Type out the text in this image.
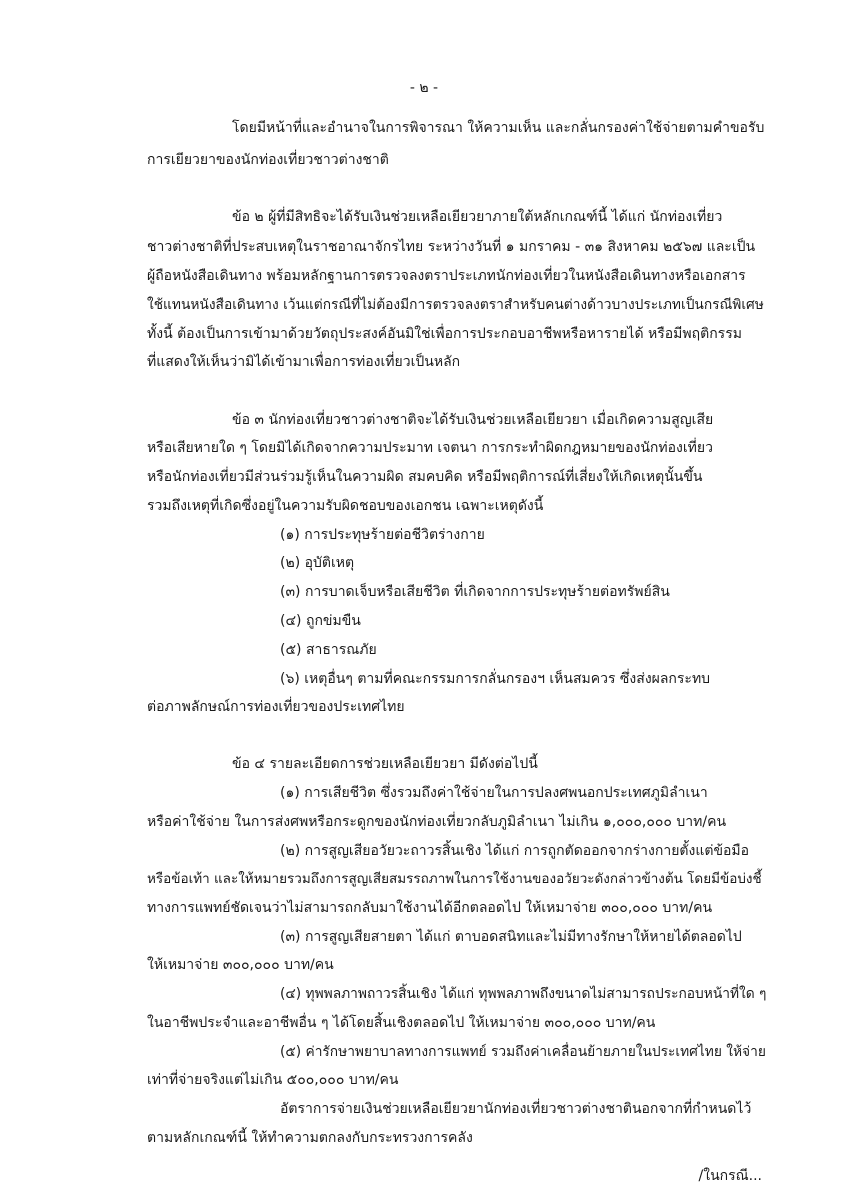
- ๒ -
โดยมีหน้าที่และอำนาจในการพิจารณา ให้ความเห็น และกลั่นกรองค่าใช้จ่ายตามคำขอรับ
การเยียวยาของนักท่องเที่ยวชาวต่างชาติ
ข้อ ๒ ผู้ที่มีสิทธิจะได้รับเงินช่วยเหลือเยียวยาภายใต้หลักเกณฑ์นี้ ได้แก่ นักท่องเที่ยว
ชาวต่างชาติที่ประสบเหตุในราชอาณาจักรไทย ระหว่างวันที่ ๑ มกราคม - ๓๑ สิงหาคม ๒๕๖๗ และเป็น
ผู้ถือหนังสือเดินทาง พร้อมหลักฐานการตรวจลงตราประเภทนักท่องเที่ยวในหนังสือเดินทางหรือเอกสาร
ใช้แทนหนังสือเดินทาง เว้นแต่กรณีที่ไม่ต้องมีการตรวจลงตราสำหรับคนต่างด้าวบางประเภทเป็นกรณีพิเศษ
ทั้งนี้ ต้องเป็นการเข้ามาด้วยวัตถุประสงค์อันมิใช่เพื่อการประกอบอาชีพหรือหารายได้ หรือมีพฤติกรรม
ที่แสดงให้เห็นว่ามิได้เข้ามาเพื่อการท่องเที่ยวเป็นหลัก
ข้อ ๓ นักท่องเที่ยวชาวต่างชาติจะได้รับเงินช่วยเหลือเยียวยา เมื่อเกิดความสูญเสีย
หรือเสียหายใด ๆ โดยมิได้เกิดจากความประมาท เจตนา การกระทำผิดกฎหมายของนักท่องเที่ยว
หรือนักท่องเที่ยวมีส่วนร่วมรู้เห็นในความผิด สมคบคิด หรือมีพฤติการณ์ที่เสี่ยงให้เกิดเหตุนั้นขึ้น
รวมถึงเหตุที่เกิดซึ่งอยู่ในความรับผิดชอบของเอกชน เฉพาะเหตุดังนี้
(๑) การประทุษร้ายต่อชีวิตร่างกาย
(๒) อุบัติเหตุ
(๓) การบาดเจ็บหรือเสียชีวิต ที่เกิดจากการประทุษร้ายต่อทรัพย์สิน
(๔) ถูกข่มขืน
(๕) สาธารณภัย
(๖) เหตุอื่นๆ ตามที่คณะกรรมการกลั่นกรองฯ เห็นสมควร ซึ่งส่งผลกระทบ
ต่อภาพลักษณ์การท่องเที่ยวของประเทศไทย
ข้อ ๔ รายละเอียดการช่วยเหลือเยียวยา มีดังต่อไปนี้
(๑) การเสียชีวิต ซึ่งรวมถึงค่าใช้จ่ายในการปลงศพนอกประเทศภูมิลำเนา
หรือค่าใช้จ่าย ในการส่งศพหรือกระดูกของนักท่องเที่ยวกลับภูมิลำเนา ไม่เกิน ๑,๐๐๐,๐๐๐ บาท/คน
(๒) การสูญเสียอวัยวะถาวรสิ้นเชิง ได้แก่ การถูกตัดออกจากร่างกายตั้งแต่ข้อมือ
หรือข้อเท้า และให้หมายรวมถึงการสูญเสียสมรรถภาพในการใช้งานของอวัยวะดังกล่าวข้างต้น โดยมีข้อบ่งชี้
ทางการแพทย์ชัดเจนว่าไม่สามารถกลับมาใช้งานได้อีกตลอดไป ให้เหมาจ่าย ๓๐๐,๐๐๐ บาท/คน
(๓) การสูญเสียสายตา ได้แก่ ตาบอดสนิทและไม่มีทางรักษาให้หายได้ตลอดไป
ให้เหมาจ่าย ๓๐๐,๐๐๐ บาท/คน
(๔) ทุพพลภาพถาวรสิ้นเชิง ได้แก่ ทุพพลภาพถึงขนาดไม่สามารถประกอบหน้าที่ใด ๆ
ในอาชีพประจำและอาชีพอื่น ๆ ได้โดยสิ้นเชิงตลอดไป ให้เหมาจ่าย ๓๐๐,๐๐๐ บาท/คน
(๕) ค่ารักษาพยาบาลทางการแพทย์ รวมถึงค่าเคลื่อนย้ายภายในประเทศไทย ให้จ่าย
เท่าที่จ่ายจริงแต่ไม่เกิน ๕๐๐,๐๐๐ บาท/คน
อัตราการจ่ายเงินช่วยเหลือเยียวยานักท่องเที่ยวชาวต่างชาตินอกจากที่กำหนดไว้
ตามหลักเกณฑ์นี้ ให้ทำความตกลงกับกระทรวงการคลัง
/ในกรณี...
